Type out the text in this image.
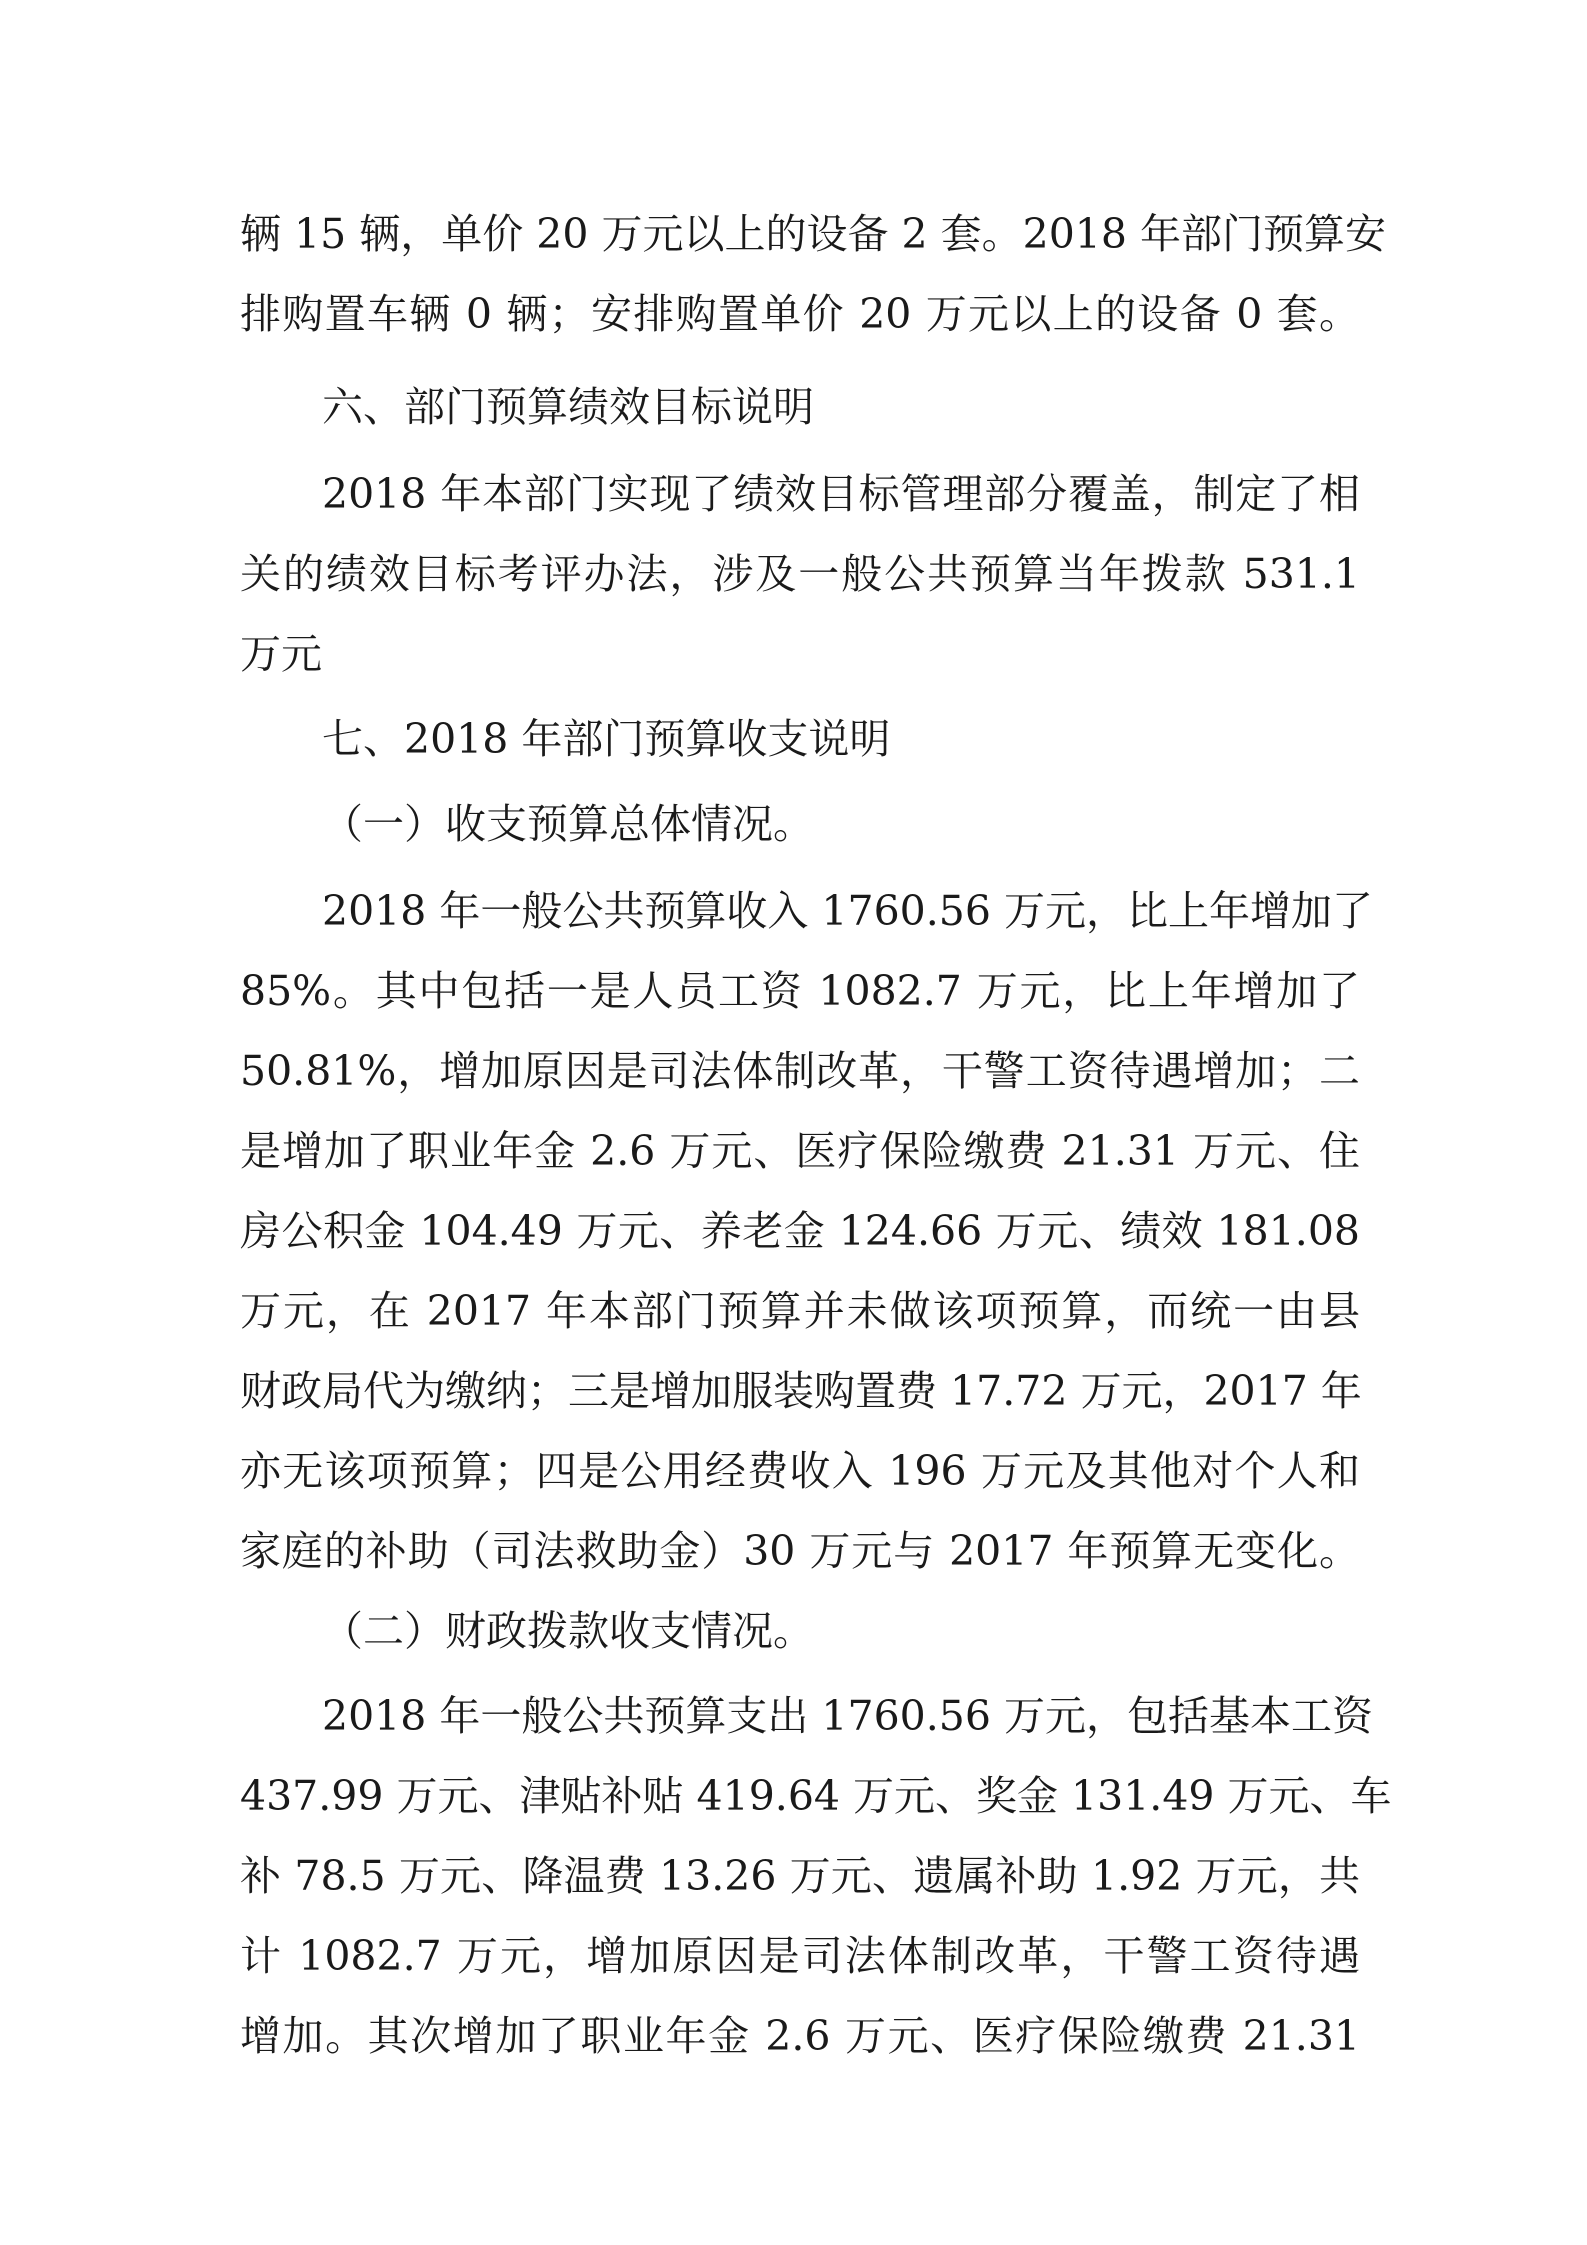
辆 15 辆，单价 20 万元以上的设备 2 套。2018 年部门预算安
排购置车辆 0 辆；安排购置单价 20 万元以上的设备 0 套。
六、部门预算绩效目标说明
2018 年本部门实现了绩效目标管理部分覆盖，制定了相
关的绩效目标考评办法，涉及一般公共预算当年拨款 531.1
万元
七、2018 年部门预算收支说明
（一）收支预算总体情况。
2018 年一般公共预算收入 1760.56 万元，比上年增加了
85%。其中包括一是人员工资 1082.7 万元，比上年增加了
50.81%，增加原因是司法体制改革，干警工资待遇增加；二
是增加了职业年金 2.6 万元、医疗保险缴费 21.31 万元、住
房公积金 104.49 万元、养老金 124.66 万元、绩效 181.08
万元，在 2017 年本部门预算并未做该项预算，而统一由县
财政局代为缴纳；三是增加服装购置费 17.72 万元，2017 年
亦无该项预算；四是公用经费收入 196 万元及其他对个人和
家庭的补助（司法救助金）30 万元与 2017 年预算无变化。
（二）财政拨款收支情况。
2018 年一般公共预算支出 1760.56 万元，包括基本工资
437.99 万元、津贴补贴 419.64 万元、奖金 131.49 万元、车
补 78.5 万元、降温费 13.26 万元、遗属补助 1.92 万元，共
计 1082.7 万元，增加原因是司法体制改革，干警工资待遇
增加。其次增加了职业年金 2.6 万元、医疗保险缴费 21.31
